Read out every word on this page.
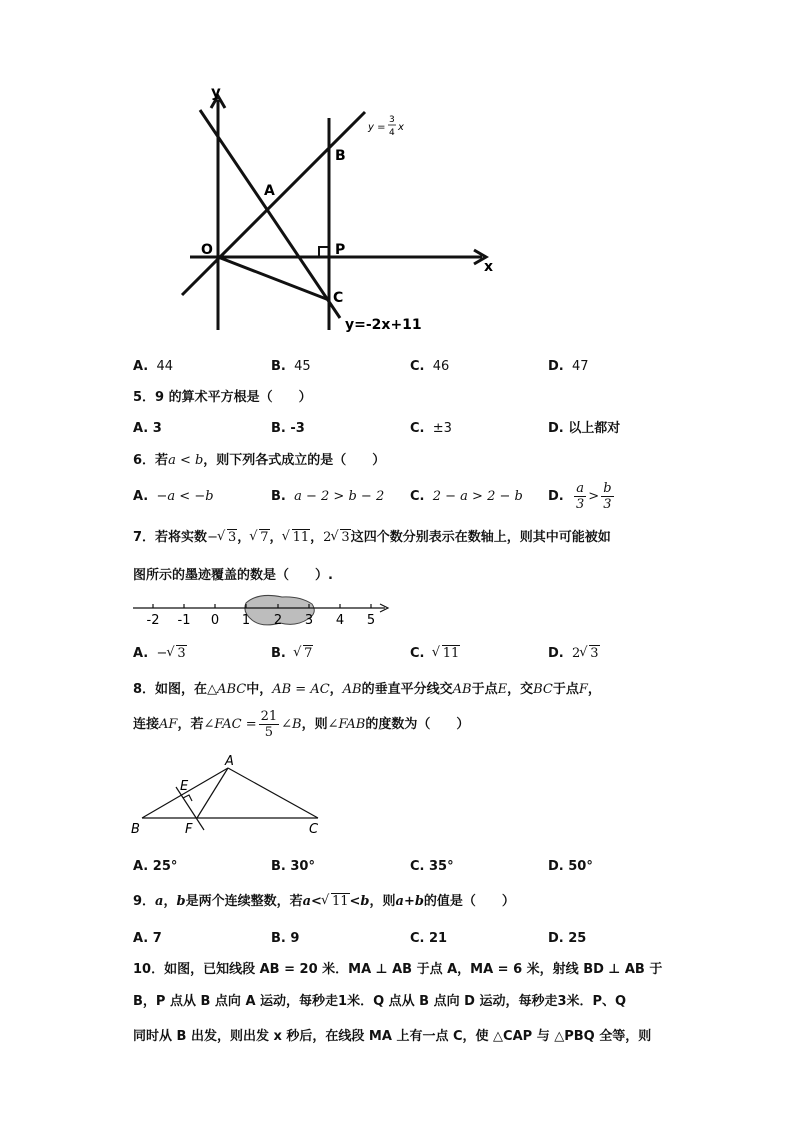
y
x
O
A
B
P
C
y =
3
4 x
y=-2x+11
A. 44	B. 45	C. 46	D. 47
5．9 的算术平方根是（　　）
A. 3	B. -3	C. ±3	D. 以上都对
6．若a < b，则下列各式成立的是（　　）
A. −a < −b	B. a − 2 > b − 2 C. 2 − a > 2 − b D. $\frac{a}{3} > \frac{b}{3}$
7．若将实数− √ 3， √ 7， √ 11，2 √ 3这四个数分别表示在数轴上，则其中可能被如
图所示的墨迹覆盖的数是（　　）.
-2 -1 0 1 2 3 4 5
A. − √ 3	B. √ 7	C. √ 11	D. 2 √ 3
8．如图，在△ABC中，AB = AC，AB的垂直平分线交AB于点E，交BC于点F，
连接AF，若∠FAC = $\frac{21}{5}$ ∠B，则∠FAB的度数为（　　）
A
E
B	F	C
A. 25°	B. 30°	C. 35°	D. 50°
9．a，b是两个连续整数，若a< √ 11<b，则a+b的值是（　　）
A. 7	B. 9	C. 21	D. 25
10．如图，已知线段 AB = 20 米．MA ⊥ AB 于点 A，MA = 6 米，射线 BD ⊥ AB 于
B，P 点从 B 点向 A 运动，每秒走1米．Q 点从 B 点向 D 运动，每秒走3米．P、Q
同时从 B 出发，则出发 x 秒后，在线段 MA 上有一点 C，使 △CAP 与 △PBQ 全等，则
